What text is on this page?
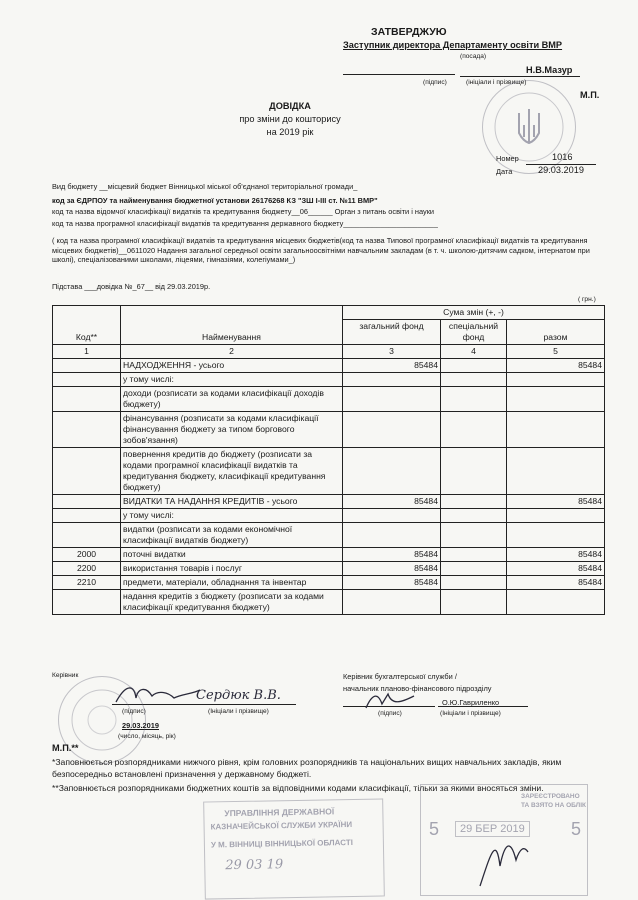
ЗАТВЕРДЖУЮ
Заступник директора Департаменту освіти ВМР
(посада)
Н.В.Мазур
(підпис)	(ініціали і прізвище)
М.П.
ДОВІДКА
про зміни до кошторису
на 2019 рік
Номер	1016
Дата	29.03.2019
Вид бюджету __місцевий бюджет Вінницької міської об'єднаної територіальної громади_
код за ЄДРПОУ та найменування бюджетної установи 26176268 КЗ "ЗШ І-ІІІ ст. №11 ВМР"
код та назва відомчої класифікації видатків та кредитування бюджету__06______ Орган з питань освіти і науки
код та назва програмної класифікації видатків та кредитування державного бюджету_______________________
( код та назва програмної класифікації видатків та кредитування місцевих бюджетів(код та назва Типової програмної класифікації видатків та кредитування місцевих бюджетів)__0611020 Надання загальної середньої освіти загальноосвітніми навчальним закладам (в т. ч. школою-дитячим садком, інтернатом при школі), спеціалізованими школами, ліцеями, гімназіями, колегіумами_)
Підстава ___довідка №_67__ від 29.03.2019р.
( грн.)
Код**	Найменування	Сума змін (+, -)		
		загальний фонд	спеціальний фонд	разом
1	2	3	4	5
	НАДХОДЖЕННЯ - усього	85484		85484
	у тому числі:			
	доходи (розписати за кодами класифікації доходів бюджету)			
	фінансування (розписати за кодами класифікації фінансування бюджету за типом боргового зобов'язання)			
	повернення кредитів до бюджету (розписати за кодами програмної класифікації видатків та кредитування бюджету, класифікації кредитування бюджету)			
	ВИДАТКИ ТА НАДАННЯ КРЕДИТІВ - усього	85484		85484
	у тому числі:			
	видатки (розписати за кодами економічної класифікації видатків бюджету)			
2000	поточні видатки	85484		85484
2200	використання товарів і послуг	85484		85484
2210	предмети, матеріали, обладнання та інвентар	85484		85484
	надання кредитів з бюджету (розписати за кодами класифікації кредитування бюджету)			
Керівник
Сердюк В.В.
(підпис)	(Ініціали і прізвище)
29.03.2019
(число, місяць, рік)
Керівник бухгалтерської служби /
начальник планово-фінансового підрозділу
О.Ю.Гавриленко
(підпис)	(Ініціали і прізвище)
М.П.**
*Заповнюється розпорядниками нижчого рівня, крім головних розпорядників та національних вищих навчальних закладів, яким безпосередньо встановлені призначення у державному бюджеті.
**Заповнюється розпорядниками бюджетних коштів за відповідними кодами класифікації, тільки за якими вносяться зміни.
УПРАВЛІННЯ ДЕРЖАВНОЇ
КАЗНАЧЕЙСЬКОЇ СЛУЖБИ УКРАЇНИ
У М. ВІННИЦІ ВІННИЦЬКОЇ ОБЛАСТІ
29 03 19
5	29 БЕР 2019
ЗАРЕЄСТРОВАНО
ТА ВЗЯТО НА ОБЛІК
5
